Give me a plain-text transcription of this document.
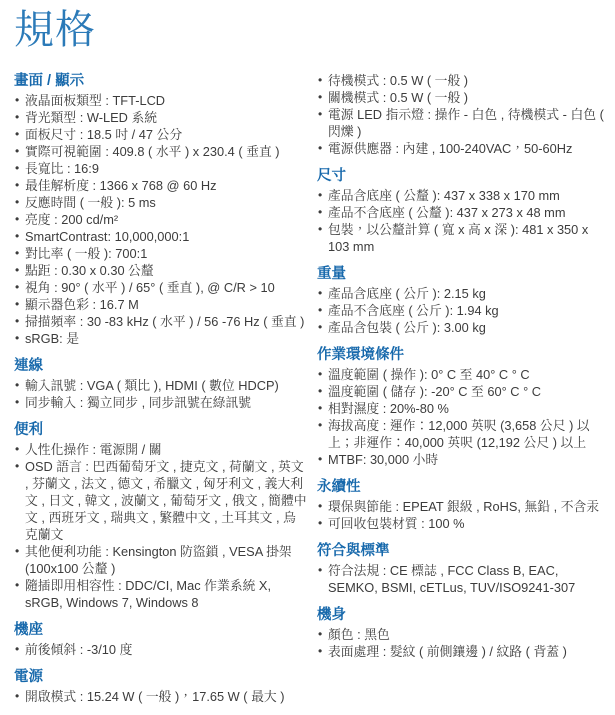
規格
畫面 / 顯示
• 液晶面板類型 : TFT-LCD
• 背光類型 : W-LED 系統
• 面板尺寸 : 18.5 吋 / 47 公分
• 實際可視範圍 : 409.8 ( 水平 ) x 230.4 ( 垂直 )
• 長寬比 : 16:9
• 最佳解析度 : 1366 x 768 @ 60 Hz
• 反應時間 ( 一般 ): 5 ms
• 亮度 : 200 cd/m²
• SmartContrast: 10,000,000:1
• 對比率 ( 一般 ): 700:1
• 點距 : 0.30 x 0.30 公釐
• 視角 : 90° ( 水平 ) / 65° ( 垂直 ), @ C/R > 10
• 顯示器色彩 : 16.7 M
• 掃描頻率 : 30 -83 kHz ( 水平 ) / 56 -76 Hz ( 垂直 )
• sRGB: 是
連線
• 輸入訊號 : VGA ( 類比 ), HDMI ( 數位 HDCP)
• 同步輸入 : 獨立同步 , 同步訊號在綠訊號
便利
• 人性化操作 : 電源開 / 關
• OSD 語言 : 巴西葡萄牙文 , 捷克文 , 荷蘭文 , 英文 , 芬蘭文 , 法文 , 德文 , 希臘文 , 匈牙利文 , 義大利文 , 日文 , 韓文 , 波蘭文 , 葡萄牙文 , 俄文 , 簡體中文 , 西班牙文 , 瑞典文 , 繁體中文 , 土耳其文 , 烏克蘭文
• 其他便利功能 : Kensington 防盜鎖 , VESA 掛架 (100x100 公釐 )
• 隨插即用相容性 : DDC/CI, Mac 作業系統 X, sRGB, Windows 7, Windows 8
機座
• 前後傾斜 : -3/10 度
電源
• 開啟模式 : 15.24 W ( 一般 )，17.65 W ( 最大 )
• 待機模式 : 0.5 W ( 一般 )
• 關機模式 : 0.5 W ( 一般 )
• 電源 LED 指示燈 : 操作 - 白色 , 待機模式 - 白色 ( 閃爍 )
• 電源供應器 : 內建 , 100-240VAC，50-60Hz
尺寸
• 產品含底座 ( 公釐 ): 437 x 338 x 170 mm
• 產品不含底座 ( 公釐 ): 437 x 273 x 48 mm
• 包裝，以公釐計算 ( 寬 x 高 x 深 ): 481 x 350 x 103 mm
重量
• 產品含底座 ( 公斤 ): 2.15 kg
• 產品不含底座 ( 公斤 ): 1.94 kg
• 產品含包裝 ( 公斤 ): 3.00 kg
作業環境條件
• 溫度範圍 ( 操作 ): 0° C 至 40° C ° C
• 溫度範圍 ( 儲存 ): -20° C 至 60° C ° C
• 相對濕度 : 20%-80 %
• 海拔高度 : 運作：12,000 英呎 (3,658 公尺 ) 以上；非運作：40,000 英呎 (12,192 公尺 ) 以上
• MTBF: 30,000 小時
永續性
• 環保與節能 : EPEAT 銀級 , RoHS, 無鉛 , 不含汞
• 可回收包裝材質 : 100 %
符合與標準
• 符合法規 : CE 標誌 , FCC Class B, EAC, SEMKO, BSMI, cETLus, TUV/ISO9241-307
機身
• 顏色 : 黑色
• 表面處理 : 髮紋 ( 前側鑲邊 ) / 紋路 ( 背蓋 )
